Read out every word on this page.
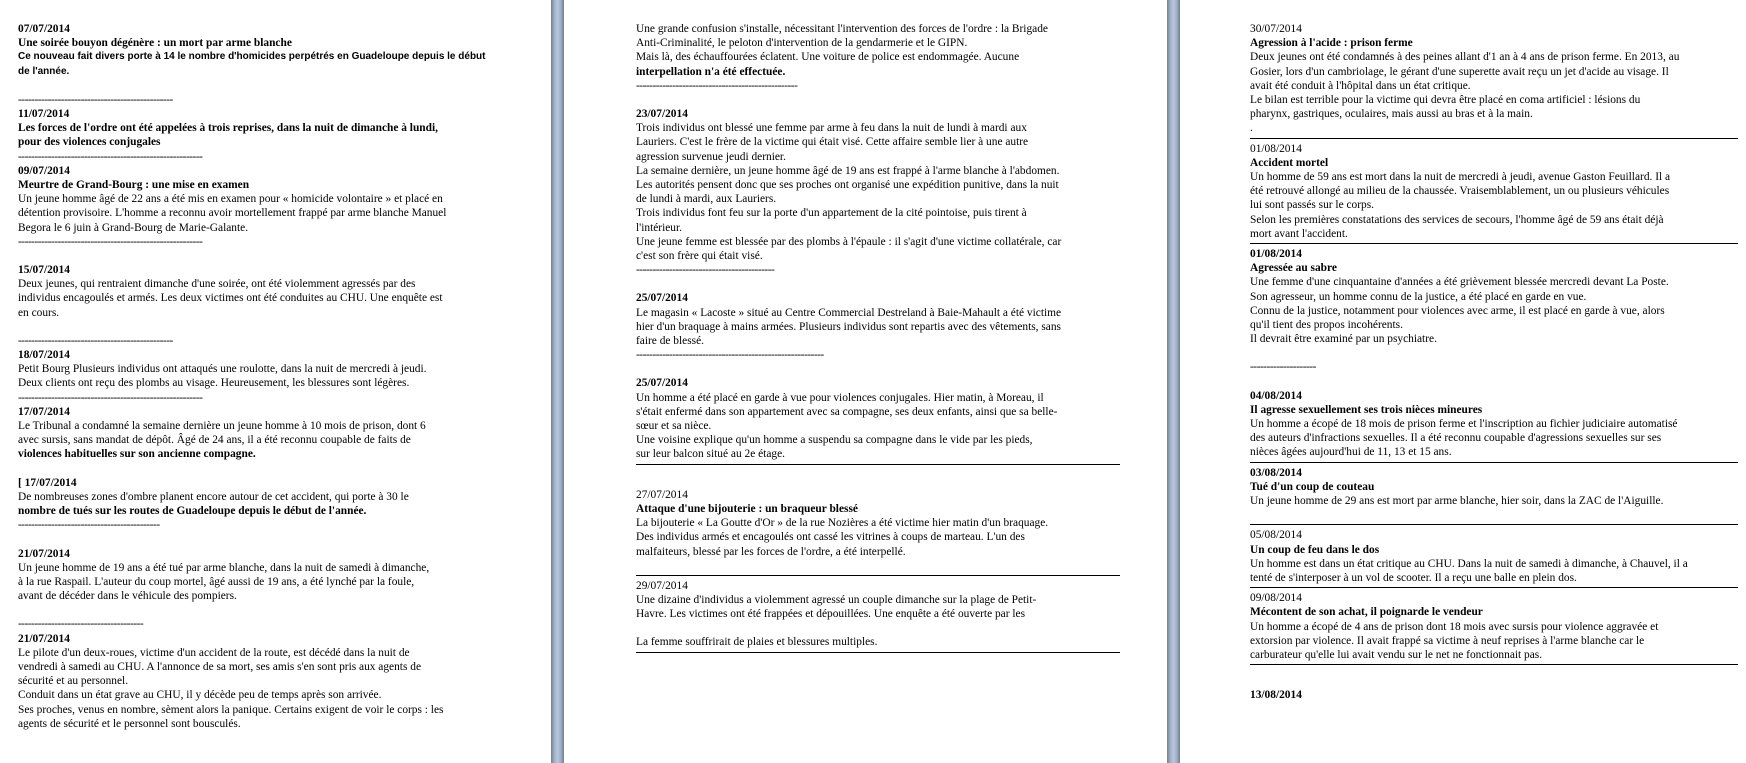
07/07/2014

Une soirée bouyon dégénère : un mort par arme blanche

Ce nouveau fait divers porte à 14 le nombre d'homicides perpétrés en Guadeloupe depuis le début

de l'année.

-----------------------------------------------

11/07/2014

Les forces de l'ordre ont été appelées à trois reprises, dans la nuit de dimanche à lundi,

pour des violences conjugales

--------------------------------------------------------

09/07/2014

Meurtre de Grand-Bourg : une mise en examen

Un jeune homme âgé de 22 ans a été mis en examen pour « homicide volontaire » et placé en

détention provisoire. L'homme a reconnu avoir mortellement frappé par arme blanche Manuel

Begora le 6 juin à Grand-Bourg de Marie-Galante.

--------------------------------------------------------

15/07/2014

Deux jeunes, qui rentraient dimanche d'une soirée, ont été violemment agressés par des

individus encagoulés et armés. Les deux victimes ont été conduites au CHU. Une enquête est

en cours.

-----------------------------------------------

18/07/2014

Petit Bourg Plusieurs individus ont attaqués une roulotte, dans la nuit de mercredi à jeudi.

Deux clients ont reçu des plombs au visage. Heureusement, les blessures sont légères.

--------------------------------------------------------

17/07/2014

Le Tribunal a condamné la semaine dernière un jeune homme à 10 mois de prison, dont 6

avec sursis, sans mandat de dépôt. Âgé de 24 ans, il a été reconnu coupable de faits de

violences habituelles sur son ancienne compagne.

[ 17/07/2014

De nombreuses zones d'ombre planent encore autour de cet accident, qui porte à 30 le

nombre de tués sur les routes de Guadeloupe depuis le début de l'année.

-------------------------------------------

21/07/2014

Un jeune homme de 19 ans a été tué par arme blanche, dans la nuit de samedi à dimanche,

à la rue Raspail. L'auteur du coup mortel, âgé aussi de 19 ans, a été lynché par la foule,

avant de décéder dans le véhicule des pompiers.

--------------------------------------

21/07/2014

Le pilote d'un deux-roues, victime d'un accident de la route, est décédé dans la nuit de

vendredi à samedi au CHU. A l'annonce de sa mort, ses amis s'en sont pris aux agents de

sécurité et au personnel.

Conduit dans un état grave au CHU, il y décède peu de temps après son arrivée.

Ses proches, venus en nombre, sèment alors la panique. Certains exigent de voir le corps : les

agents de sécurité et le personnel sont bousculés.

Une grande confusion s'installe, nécessitant l'intervention des forces de l'ordre : la Brigade

Anti-Criminalité, le peloton d'intervention de la gendarmerie et le GIPN.

Mais là, des échauffourées éclatent. Une voiture de police est endommagée. Aucune

interpellation n'a été effectuée.

-------------------------------------------------

23/07/2014

Trois individus ont blessé une femme par arme à feu dans la nuit de lundi à mardi aux

Lauriers. C'est le frère de la victime qui était visé. Cette affaire semble lier à une autre

agression survenue jeudi dernier.

La semaine dernière, un jeune homme âgé de 19 ans est frappé à l'arme blanche à l'abdomen.

Les autorités pensent donc que ses proches ont organisé une expédition punitive, dans la nuit

de lundi à mardi, aux Lauriers.

Trois individus font feu sur la porte d'un appartement de la cité pointoise, puis tirent à

l'intérieur.

Une jeune femme est blessée par des plombs à l'épaule : il s'agit d'une victime collatérale, car

c'est son frère qui était visé.

------------------------------------------

25/07/2014

Le magasin « Lacoste » situé au Centre Commercial Destreland à Baie-Mahault a été victime

hier d'un braquage à mains armées. Plusieurs individus sont repartis avec des vêtements, sans

faire de blessé.

---------------------------------------------------------

25/07/2014

Un homme a été placé en garde à vue pour violences conjugales. Hier matin, à Moreau, il

s'était enfermé dans son appartement avec sa compagne, ses deux enfants, ainsi que sa belle-

sœur et sa nièce.

Une voisine explique qu'un homme a suspendu sa compagne dans le vide par les pieds,

sur leur balcon situé au 2e étage.

27/07/2014

Attaque d'une bijouterie : un braqueur blessé

La bijouterie « La Goutte d'Or » de la rue Nozières a été victime hier matin d'un braquage.

Des individus armés et encagoulés ont cassé les vitrines à coups de marteau. L'un des

malfaiteurs, blessé par les forces de l'ordre, a été interpellé.

29/07/2014

Une dizaine d'individus a violemment agressé un couple dimanche sur la plage de Petit-

Havre. Les victimes ont été frappées et dépouillées. Une enquête a été ouverte par les

La femme souffrirait de plaies et blessures multiples.

30/07/2014

Agression à l'acide : prison ferme

Deux jeunes ont été condamnés à des peines allant d'1 an à 4 ans de prison ferme. En 2013, au

Gosier, lors d'un cambriolage, le gérant d'une superette avait reçu un jet d'acide au visage. Il

avait été conduit à l'hôpital dans un état critique.

Le bilan est terrible pour la victime qui devra être placé en coma artificiel : lésions du

pharynx, gastriques, oculaires, mais aussi au bras et à la main.

.

01/08/2014

Accident mortel

Un homme de 59 ans est mort dans la nuit de mercredi à jeudi, avenue Gaston Feuillard. Il a

été retrouvé allongé au milieu de la chaussée. Vraisemblablement, un ou plusieurs véhicules

lui sont passés sur le corps.

Selon les premières constatations des services de secours, l'homme âgé de 59 ans était déjà

mort avant l'accident.

01/08/2014

Agressée au sabre

Une femme d'une cinquantaine d'années a été grièvement blessée mercredi devant La Poste.

Son agresseur, un homme connu de la justice, a été placé en garde en vue.

Connu de la justice, notamment pour violences avec arme, il est placé en garde à vue, alors

qu'il tient des propos incohérents.

Il devrait être examiné par un psychiatre.

--------------------

04/08/2014

Il agresse sexuellement ses trois nièces mineures

Un homme a écopé de 18 mois de prison ferme et l'inscription au fichier judiciaire automatisé

des auteurs d'infractions sexuelles. Il a été reconnu coupable d'agressions sexuelles sur ses

nièces âgées aujourd'hui de 11, 13 et 15 ans.

03/08/2014

Tué d'un coup de couteau

Un jeune homme de 29 ans est mort par arme blanche, hier soir, dans la ZAC de l'Aiguille.

05/08/2014

Un coup de feu dans le dos

Un homme est dans un état critique au CHU. Dans la nuit de samedi à dimanche, à Chauvel, il a

tenté de s'interposer à un vol de scooter. Il a reçu une balle en plein dos.

09/08/2014

Mécontent de son achat, il poignarde le vendeur

Un homme a écopé de 4 ans de prison dont 18 mois avec sursis pour violence aggravée et

extorsion par violence. Il avait frappé sa victime à neuf reprises à l'arme blanche car le

carburateur qu'elle lui avait vendu sur le net ne fonctionnait pas.

13/08/2014
